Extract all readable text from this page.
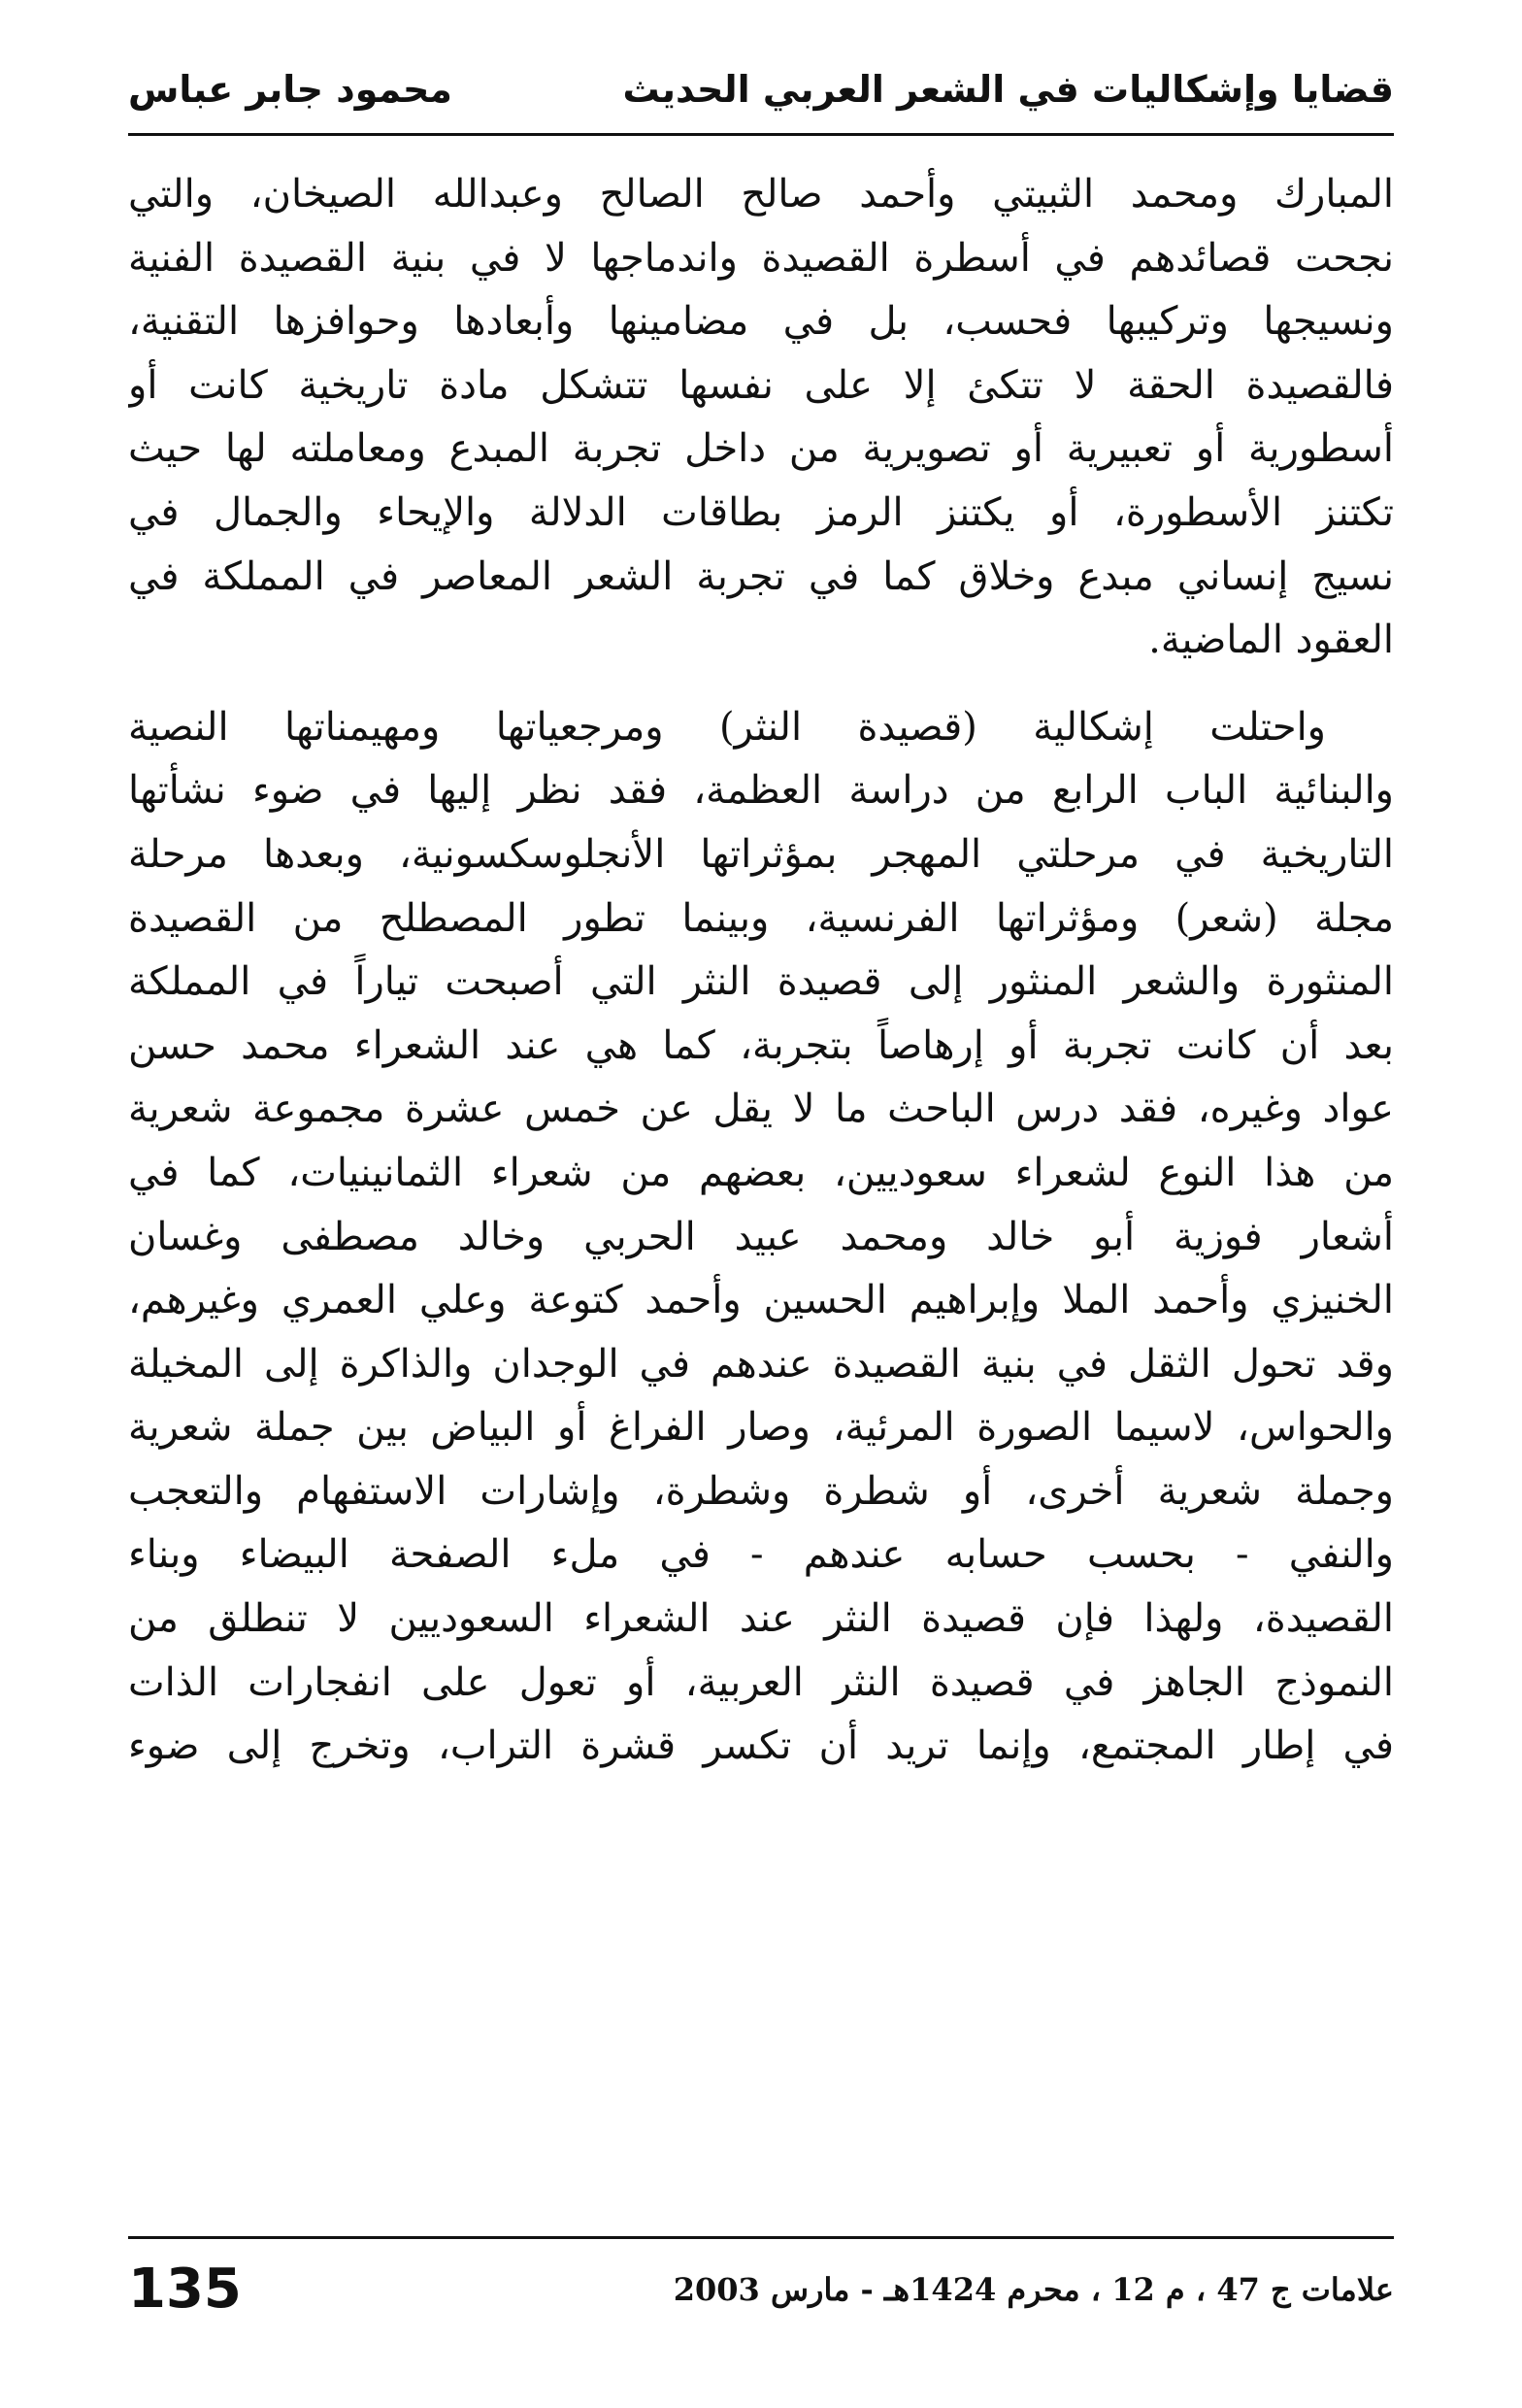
قضايا وإشكاليات في الشعر العربي الحديث
محمود جابر عباس
المبارك ومحمد الثبيتي وأحمد صالح الصالح وعبدالله الصيخان، والتي
نجحت قصائدهم في أسطرة القصيدة واندماجها لا في بنية القصيدة الفنية
ونسيجها وتركيبها فحسب، بل في مضامينها وأبعادها وحوافزها التقنية،
فالقصيدة الحقة لا تتكئ إلا على نفسها تتشكل مادة تاريخية كانت أو
أسطورية أو تعبيرية أو تصويرية من داخل تجربة المبدع ومعاملته لها حيث
تكتنز الأسطورة، أو يكتنز الرمز بطاقات الدلالة والإيحاء والجمال في
نسيج إنساني مبدع وخلاق كما في تجربة الشعر المعاصر في المملكة في
العقود الماضية.
واحتلت إشكالية (قصيدة النثر) ومرجعياتها ومهيمناتها النصية
والبنائية الباب الرابع من دراسة العظمة، فقد نظر إليها في ضوء نشأتها
التاريخية في مرحلتي المهجر بمؤثراتها الأنجلوسكسونية، وبعدها مرحلة
مجلة (شعر) ومؤثراتها الفرنسية، وبينما تطور المصطلح من القصيدة
المنثورة والشعر المنثور إلى قصيدة النثر التي أصبحت تياراً في المملكة
بعد أن كانت تجربة أو إرهاصاً بتجربة، كما هي عند الشعراء محمد حسن
عواد وغيره، فقد درس الباحث ما لا يقل عن خمس عشرة مجموعة شعرية
من هذا النوع لشعراء سعوديين، بعضهم من شعراء الثمانينيات، كما في
أشعار فوزية أبو خالد ومحمد عبيد الحربي وخالد مصطفى وغسان
الخنيزي وأحمد الملا وإبراهيم الحسين وأحمد كتوعة وعلي العمري وغيرهم،
وقد تحول الثقل في بنية القصيدة عندهم في الوجدان والذاكرة إلى المخيلة
والحواس، لاسيما الصورة المرئية، وصار الفراغ أو البياض بين جملة شعرية
وجملة شعرية أخرى، أو شطرة وشطرة، وإشارات الاستفهام والتعجب
والنفي - بحسب حسابه عندهم - في ملء الصفحة البيضاء وبناء
القصيدة، ولهذا فإن قصيدة النثر عند الشعراء السعوديين لا تنطلق من
النموذج الجاهز في قصيدة النثر العربية، أو تعول على انفجارات الذات
في إطار المجتمع، وإنما تريد أن تكسر قشرة التراب، وتخرج إلى ضوء
135	علامات ج 47 ، م 12 ، محرم 1424هـ - مارس 2003
